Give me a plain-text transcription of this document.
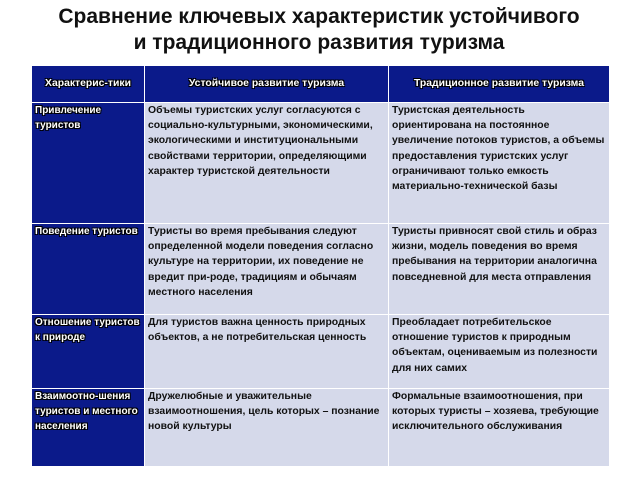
Сравнение ключевых характеристик устойчивого
и традиционного развития туризма
Характерис-тики	Устойчивое развитие туризма	Традиционное развитие туризма
Привлечение туристов	Объемы туристских услуг согласуются с социально-культурными, экономическими, экологическими и институциональными свойствами территории, определяющими характер туристской деятельности	Туристская деятельность ориентирована на постоянное увеличение потоков туристов, а объемы предоставления туристских услуг ограничивают только емкость материально-технической базы
Поведение туристов	Туристы во время пребывания следуют определенной модели поведения согласно культуре на территории, их поведение не вредит при-роде, традициям и обычаям местного населения	Туристы привносят свой стиль и образ жизни, модель поведения во время пребывания на территории аналогична повседневной для места отправления
Отношение туристов к природе	Для туристов важна ценность природных объектов, а не потребительская ценность	Преобладает потребительское отношение туристов к природным объектам, оцениваемым из полезности для них самих
Взаимоотно-шения туристов и местного населения	Дружелюбные и уважительные взаимоотношения, цель которых – познание новой культуры	Формальные взаимоотношения, при которых туристы – хозяева, требующие исключительного обслуживания
